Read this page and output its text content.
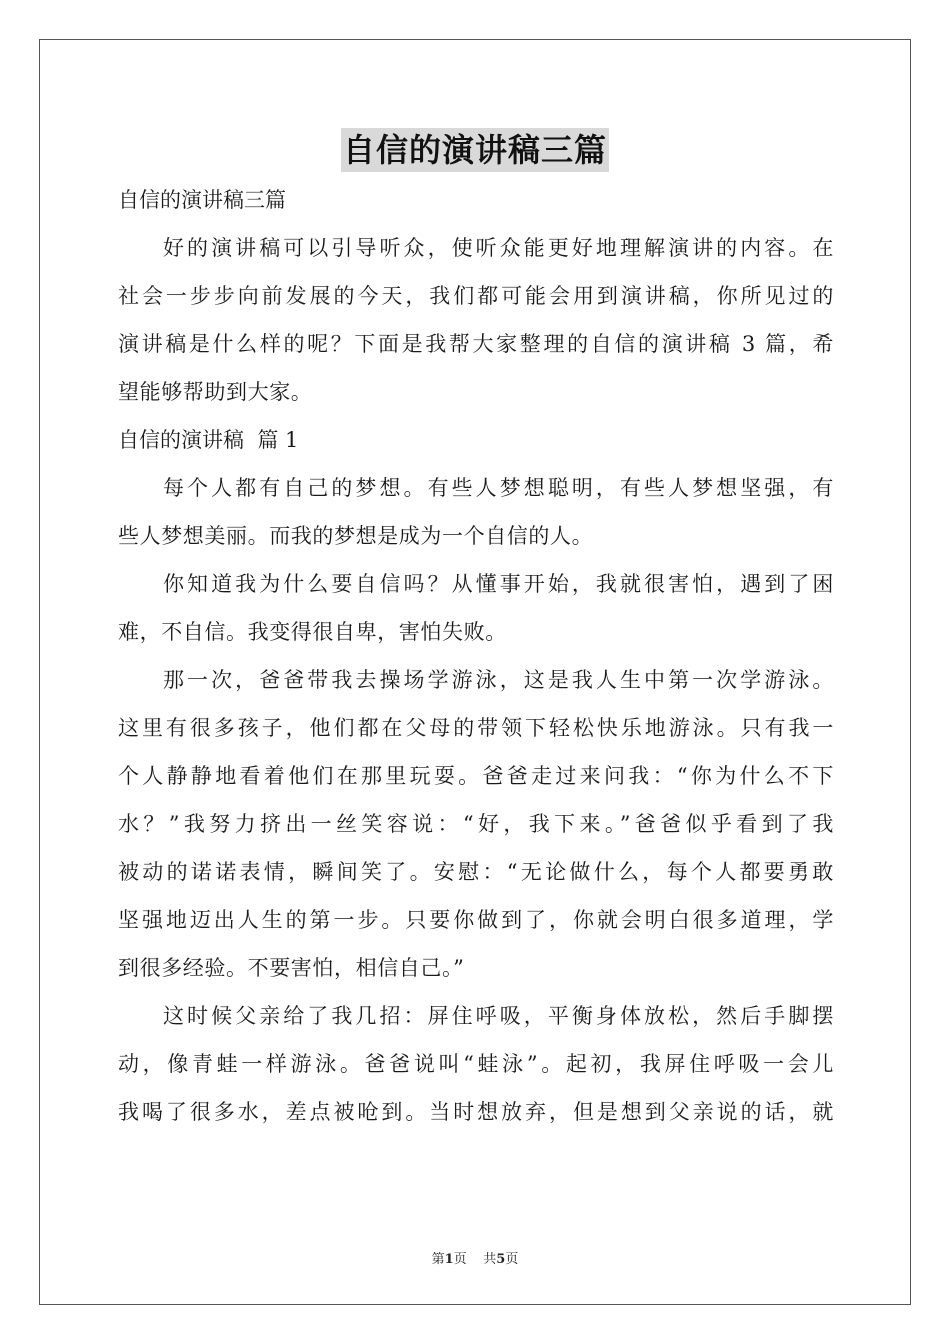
自信的演讲稿三篇
自信的演讲稿三篇
好的演讲稿可以引导听众，使听众能更好地理解演讲的内容。在
社会一步步向前发展的今天，我们都可能会用到演讲稿，你所见过的
演讲稿是什么样的呢？下面是我帮大家整理的自信的演讲稿 3 篇，希
望能够帮助到大家。
自信的演讲稿  篇 1
每个人都有自己的梦想。有些人梦想聪明，有些人梦想坚强，有
些人梦想美丽。而我的梦想是成为一个自信的人。
你知道我为什么要自信吗？从懂事开始，我就很害怕，遇到了困
难，不自信。我变得很自卑，害怕失败。
那一次，爸爸带我去操场学游泳，这是我人生中第一次学游泳。
这里有很多孩子，他们都在父母的带领下轻松快乐地游泳。只有我一
个人静静地看着他们在那里玩耍。爸爸走过来问我：“你为什么不下
水？”我努力挤出一丝笑容说：“好，我下来。”爸爸似乎看到了我
被动的诺诺表情，瞬间笑了。安慰：“无论做什么，每个人都要勇敢
坚强地迈出人生的第一步。只要你做到了，你就会明白很多道理，学
到很多经验。不要害怕，相信自己。”
这时候父亲给了我几招：屏住呼吸，平衡身体放松，然后手脚摆
动，像青蛙一样游泳。爸爸说叫“蛙泳”。起初，我屏住呼吸一会儿
我喝了很多水，差点被呛到。当时想放弃，但是想到父亲说的话，就
第1页 共5页
